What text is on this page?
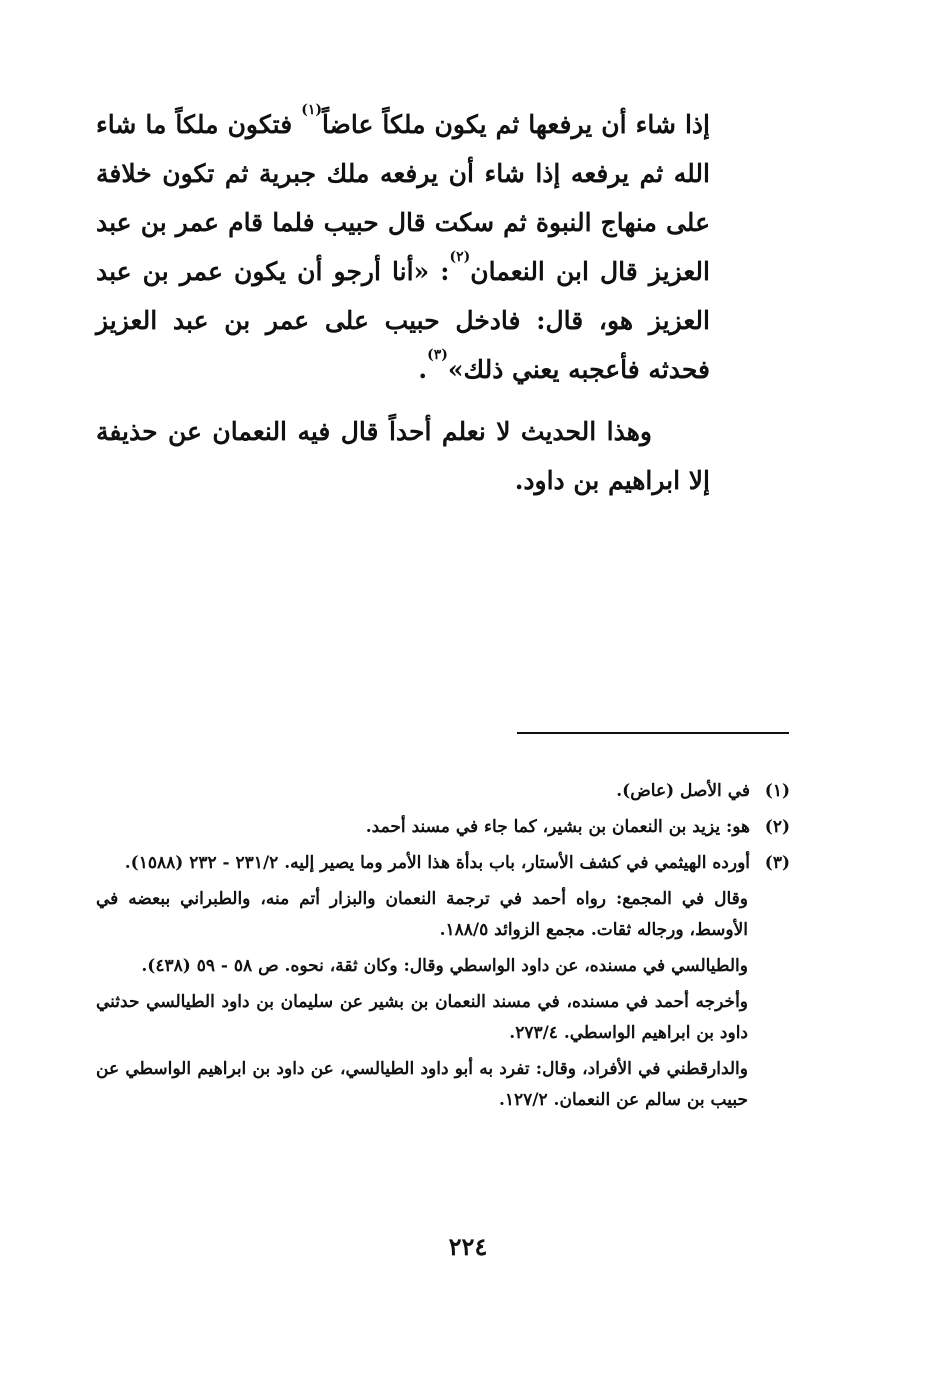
إذا شاء أن يرفعها ثم يكون ملكاً عاضاً$^{(١)}$ فتكون ملكاً ما شاء الله ثم يرفعه إذا شاء أن يرفعه ملك جبرية ثم تكون خلافة على منهاج النبوة ثم سكت قال حبيب فلما قام عمر بن عبد العزيز قال ابن النعمان$^{(٢)}$: «أنا أرجو أن يكون عمر بن عبد العزيز هو، قال: فادخل حبيب على عمر بن عبد العزيز فحدثه فأعجبه يعني ذلك»$^{(٣)}$.

وهذا الحديث لا نعلم أحداً قال فيه النعمان عن حذيفة إلا ابراهيم بن داود.

(١)
في الأصل (عاض).
(٢)
هو: يزيد بن النعمان بن بشير، كما جاء في مسند أحمد.
(٣)
أورده الهيثمي في كشف الأستار، باب بدأة هذا الأمر وما يصير إليه. ٢٣١/٢ - ٢٣٢ (١٥٨٨).
وقال في المجمع: رواه أحمد في ترجمة النعمان والبزار أتم منه، والطبراني ببعضه في الأوسط، ورجاله ثقات. مجمع الزوائد ١٨٨/٥.
والطيالسي في مسنده، عن داود الواسطي وقال: وكان ثقة، نحوه. ص ٥٨ - ٥٩ (٤٣٨).
وأخرجه أحمد في مسنده، في مسند النعمان بن بشير عن سليمان بن داود الطيالسي حدثني داود بن ابراهيم الواسطي. ٢٧٣/٤.
والدارقطني في الأفراد، وقال: تفرد به أبو داود الطيالسي، عن داود بن ابراهيم الواسطي عن حبيب بن سالم عن النعمان. ١٢٧/٢.
٢٢٤
